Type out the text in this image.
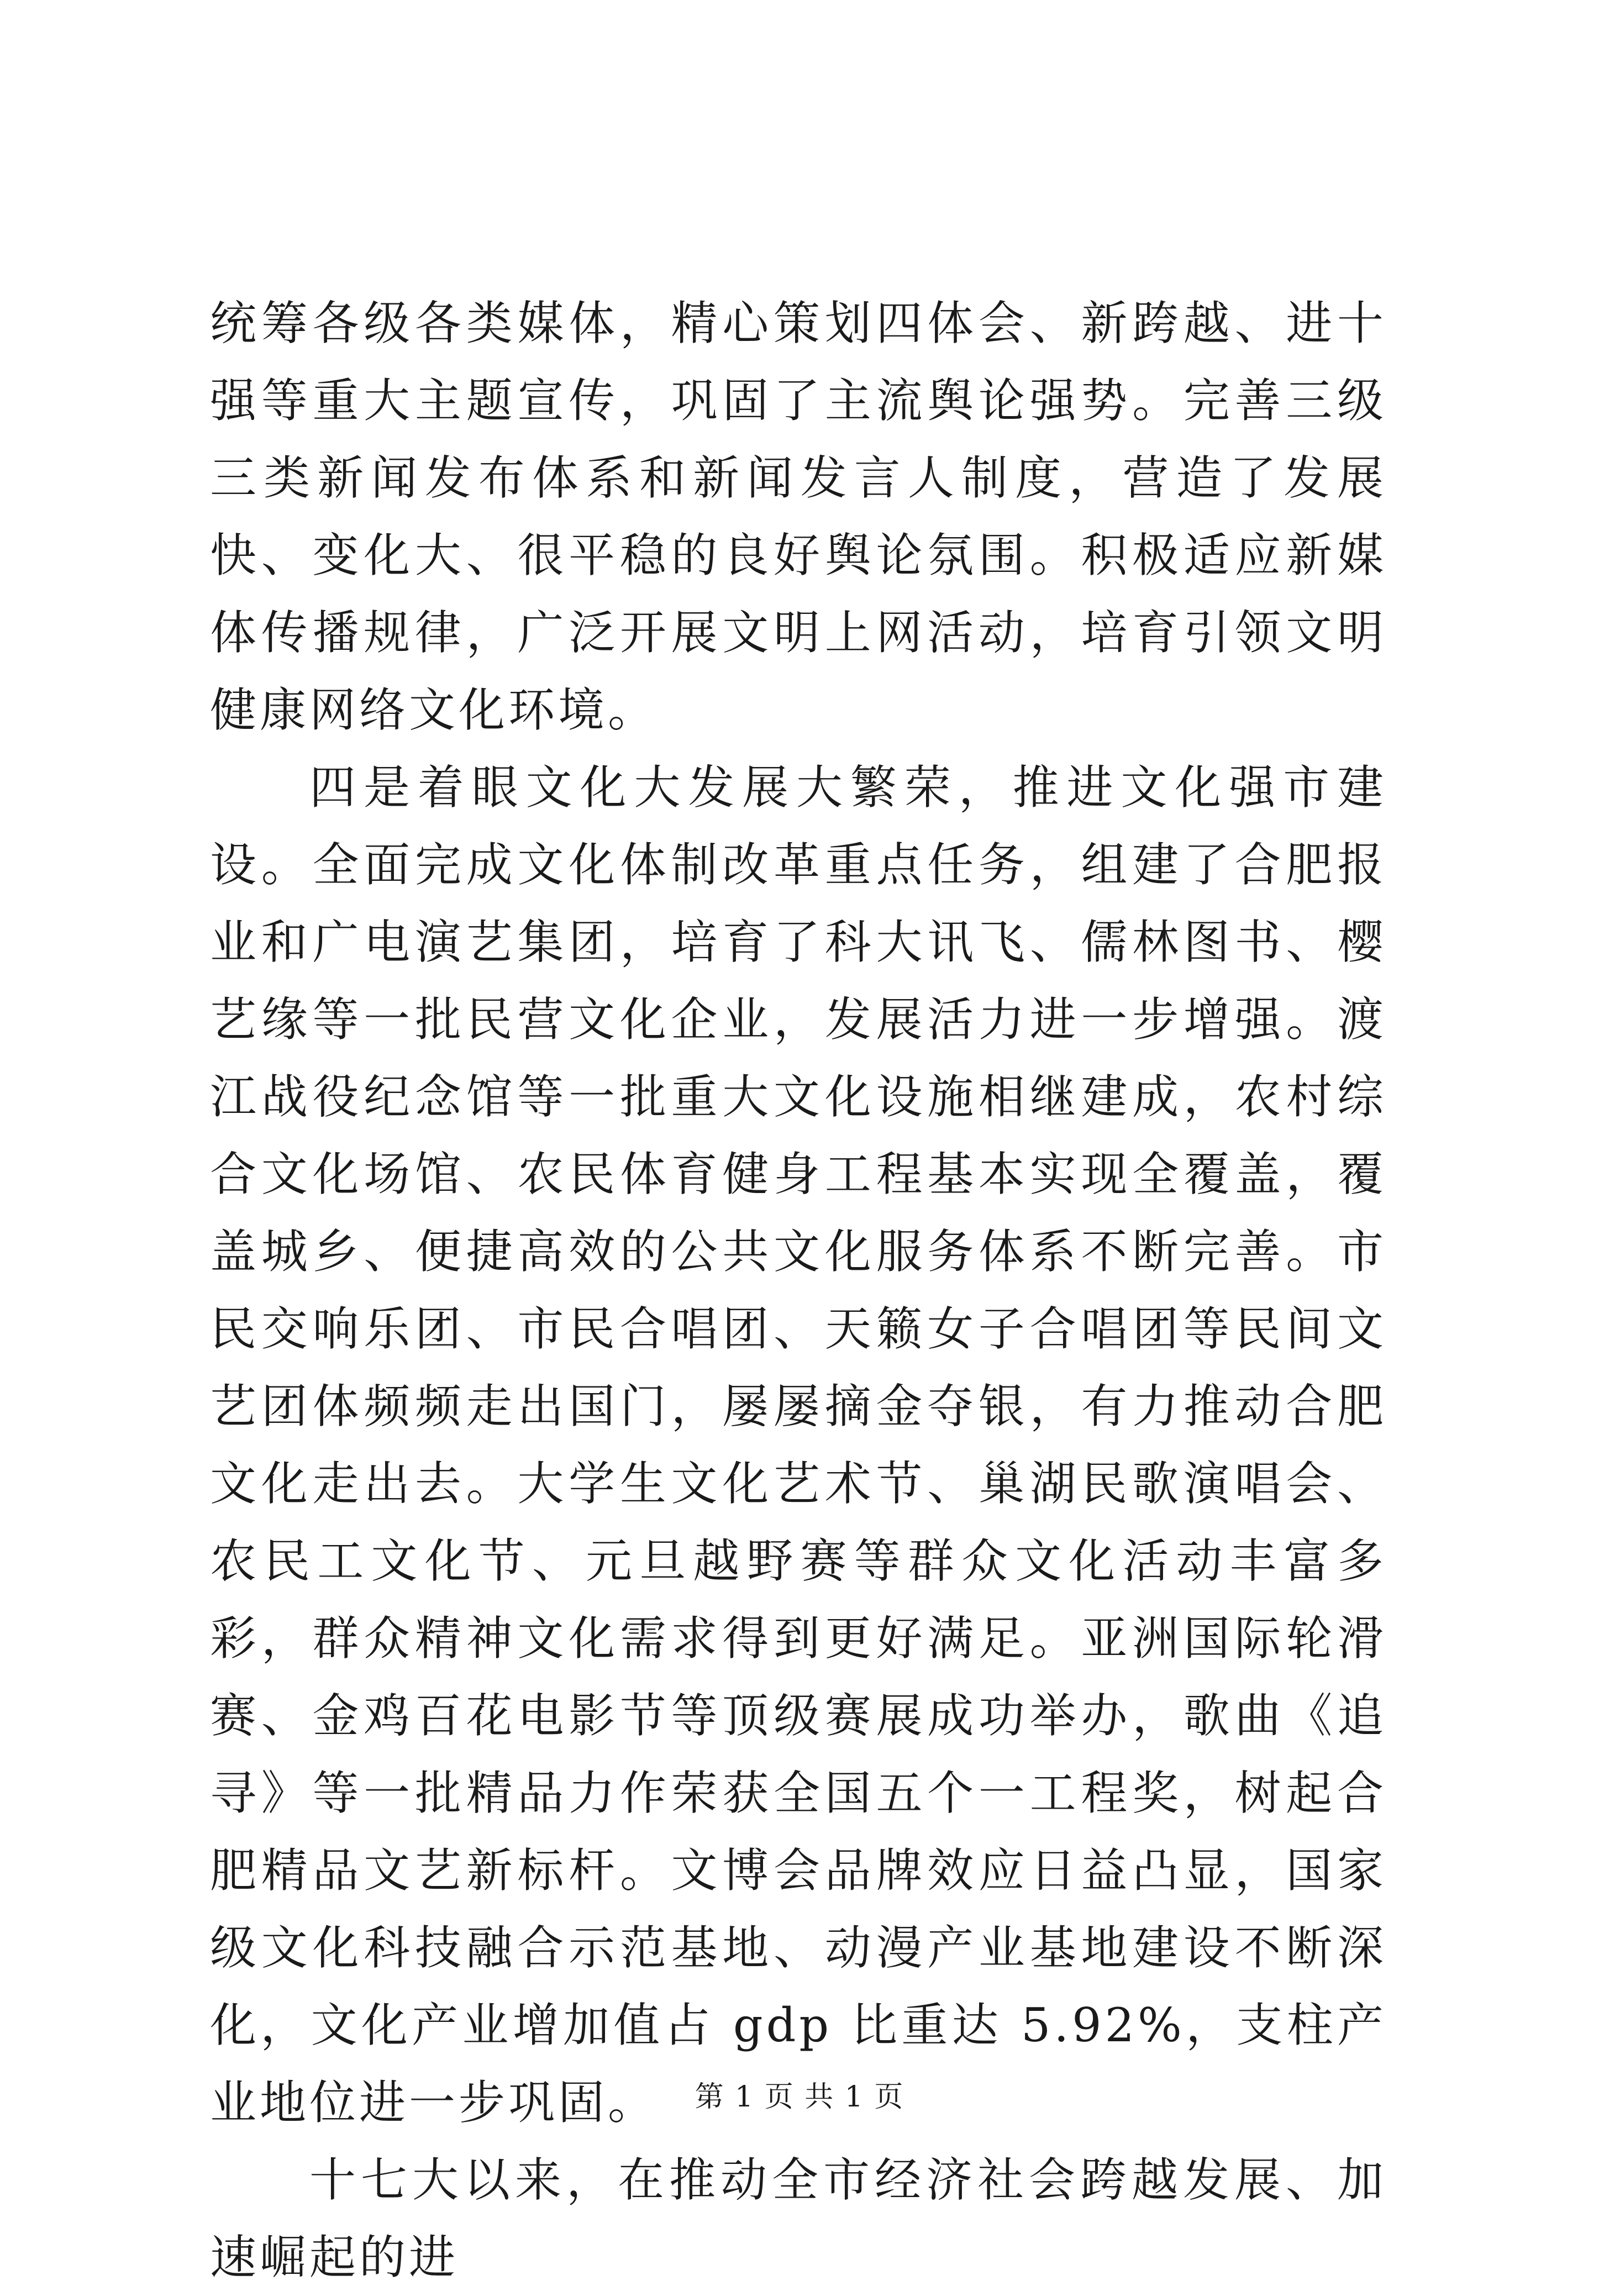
统筹各级各类媒体，精心策划四体会、新跨越、进十强等重大主题宣传，巩固了主流舆论强势。完善三级三类新闻发布体系和新闻发言人制度，营造了发展快、变化大、很平稳的良好舆论氛围。积极适应新媒体传播规律，广泛开展文明上网活动，培育引领文明健康网络文化环境。

四是着眼文化大发展大繁荣，推进文化强市建设。全面完成文化体制改革重点任务，组建了合肥报业和广电演艺集团，培育了科大讯飞、儒林图书、樱艺缘等一批民营文化企业，发展活力进一步增强。渡江战役纪念馆等一批重大文化设施相继建成，农村综合文化场馆、农民体育健身工程基本实现全覆盖，覆盖城乡、便捷高效的公共文化服务体系不断完善。市民交响乐团、市民合唱团、天籁女子合唱团等民间文艺团体频频走出国门，屡屡摘金夺银，有力推动合肥文化走出去。大学生文化艺术节、巢湖民歌演唱会、农民工文化节、元旦越野赛等群众文化活动丰富多彩，群众精神文化需求得到更好满足。亚洲国际轮滑赛、金鸡百花电影节等顶级赛展成功举办，歌曲《追寻》等一批精品力作荣获全国五个一工程奖，树起合肥精品文艺新标杆。文博会品牌效应日益凸显，国家级文化科技融合示范基地、动漫产业基地建设不断深化，文化产业增加值占 gdp 比重达 5.92%，支柱产业地位进一步巩固。

十七大以来，在推动全市经济社会跨越发展、加速崛起的进

第 1 页 共 1 页
